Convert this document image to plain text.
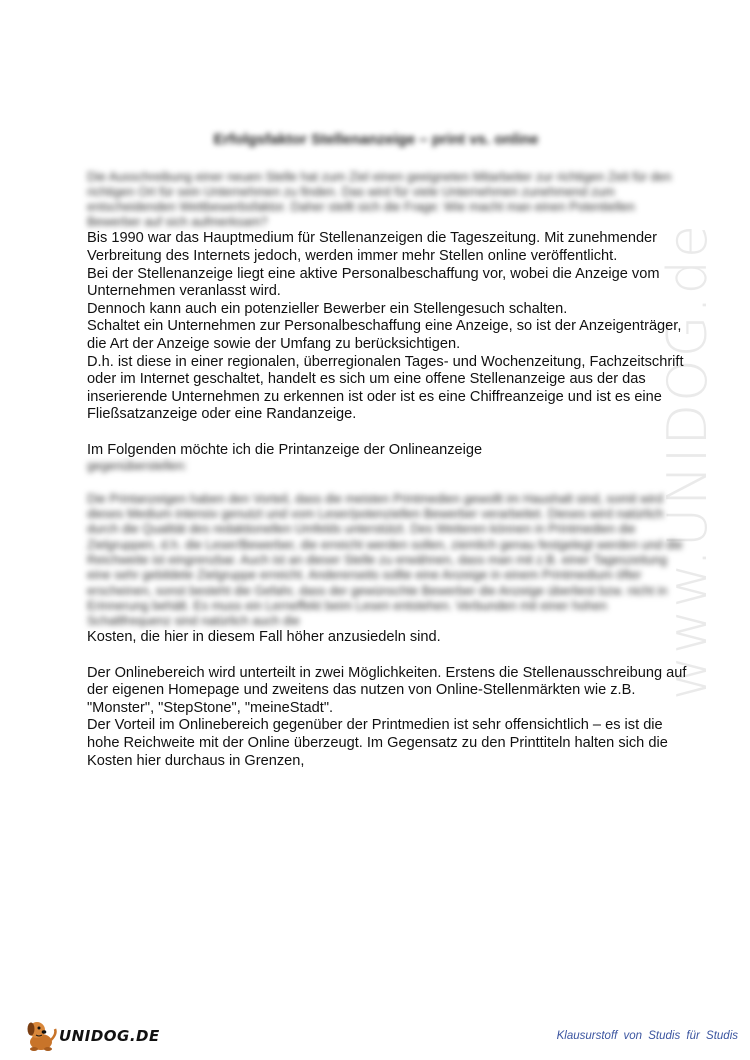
www.UNIDOG.de
Erfolgsfaktor Stellenanzeige – print vs. online

Die Ausschreibung einer neuen Stelle hat zum Ziel einen geeigneten Mitarbeiter zur richtigen Zeit für den richtigen Ort für sein Unternehmen zu finden. Das wird für viele Unternehmen zunehmend zum entscheidenden Wettbewerbsfaktor. Daher stellt sich die Frage: Wie macht man einen Potentiellen Bewerber auf sich aufmerksam?

Bis 1990 war das Hauptmedium für Stellenanzeigen die Tageszeitung. Mit zunehmender Verbreitung des Internets jedoch, werden immer mehr Stellen online veröffentlicht.

Bei der Stellenanzeige liegt eine aktive Personalbeschaffung vor, wobei die Anzeige vom Unternehmen veranlasst wird.

Dennoch kann auch ein potenzieller Bewerber ein Stellengesuch schalten.

Schaltet ein Unternehmen zur Personalbeschaffung eine Anzeige, so ist der Anzeigenträger, die Art der Anzeige sowie der Umfang zu berücksichtigen.

D.h. ist diese in einer regionalen, überregionalen Tages- und Wochenzeitung, Fachzeitschrift oder im Internet geschaltet, handelt es sich um eine offene Stellenanzeige aus der das inserierende Unternehmen zu erkennen ist oder ist es eine Chiffreanzeige und ist es eine Fließsatzanzeige oder eine Randanzeige.

Im Folgenden möchte ich die Printanzeige der Onlineanzeige

gegenüberstellen:

Die Printanzeigen haben den Vorteil, dass die meisten Printmedien gewollt im Haushalt sind, somit wird dieses Medium intensiv genutzt und vom Leser/potenziellen Bewerber verarbeitet. Dieses wird natürlich durch die Qualität des redaktionellen Umfelds unterstützt. Des Weiteren können in Printmedien die Zielgruppen, d.h. die Leser/Bewerber, die erreicht werden sollen, ziemlich genau festgelegt werden und die Reichweite ist eingrenzbar. Auch ist an dieser Stelle zu erwähnen, dass man mit z.B. einer Tageszeitung eine sehr gebildete Zielgruppe erreicht. Andererseits sollte eine Anzeige in einem Printmedium öfter erscheinen, sonst besteht die Gefahr, dass der gewünschte Bewerber die Anzeige überliest bzw. nicht in Erinnerung behält. Es muss ein Lerneffekt beim Lesen entstehen. Verbunden mit einer hohen Schaltfrequenz sind natürlich auch die

Kosten, die hier in diesem Fall höher anzusiedeln sind.

Der Onlinebereich wird unterteilt in zwei Möglichkeiten. Erstens die Stellenausschreibung auf der eigenen Homepage und zweitens das nutzen von Online-Stellenmärkten wie z.B. "Monster", "StepStone", "meineStadt".

Der Vorteil im Onlinebereich gegenüber der Printmedien ist sehr offensichtlich – es ist die hohe Reichweite mit der Online überzeugt. Im Gegensatz zu den Printtiteln halten sich die Kosten hier durchaus in Grenzen,

UNIDOG.DE	Klausurstoff von Studis für Studis
